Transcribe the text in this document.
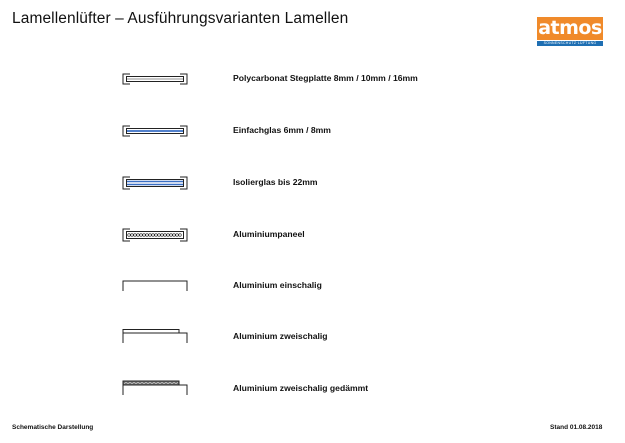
Lamellenlüfter – Ausführungsvarianten Lamellen	atmos
SONNENSCHUTZ·LÜFTUNG
Polycarbonat Stegplatte 8mm / 10mm / 16mm
Einfachglas 6mm / 8mm
Isolierglas bis 22mm
Aluminiumpaneel
Aluminium einschalig
Aluminium zweischalig
Aluminium zweischalig gedämmt
Schematische Darstellung	Stand 01.08.2018
